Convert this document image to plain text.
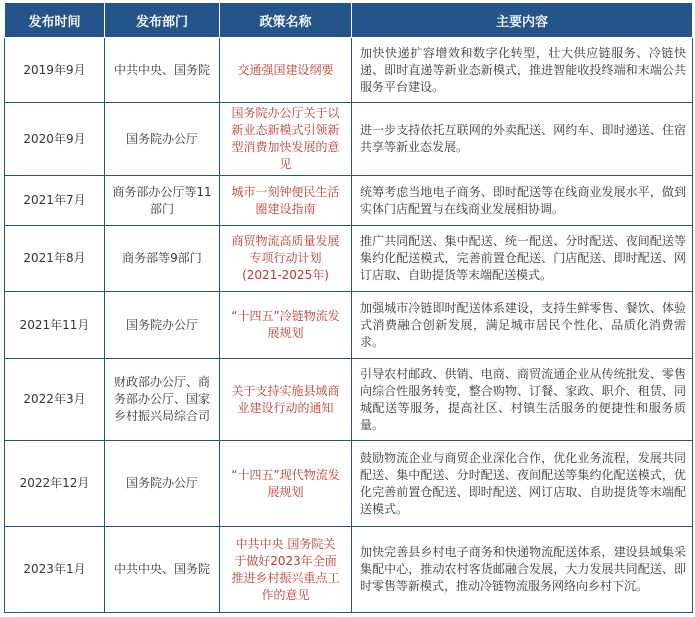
发布时间	发布部门	政策名称	主要内容
2019年9月	中共中央、国务院	交通强国建设纲要	加快快递扩容增效和数字化转型，壮大供应链服务、冷链快递、即时直递等新业态新模式，推进智能收投终端和末端公共服务平台建设。
2020年9月	国务院办公厅	国务院办公厅关于以新业态新模式引领新型消费加快发展的意见	进一步支持依托互联网的外卖配送、网约车、即时递送、住宿共享等新业态发展。
2021年7月	商务部办公厅等11部门	城市一刻钟便民生活圈建设指南	统筹考虑当地电子商务、即时配送等在线商业发展水平，做到实体门店配置与在线商业发展相协调。
2021年8月	商务部等9部门	商贸物流高质量发展专项行动计划(2021-2025年)	推广共同配送、集中配送、统一配送、分时配送、夜间配送等集约化配送模式，完善前置仓配送、门店配送、即时配送、网订店取、自助提货等末端配送模式。
2021年11月	国务院办公厅	“十四五”冷链物流发展规划	加强城市冷链即时配送体系建设，支持生鲜零售、餐饮、体验式消费融合创新发展，满足城市居民个性化、品质化消费需求。
2022年3月	财政部办公厅、商务部办公厅、国家乡村振兴局综合司	关于支持实施县域商业建设行动的通知	引导农村邮政、供销、电商、商贸流通企业从传统批发、零售向综合性服务转变，整合购物、订餐、家政、职介、租赁、同城配送等服务，提高社区、村镇生活服务的便捷性和服务质量。
2022年12月	国务院办公厅	“十四五”现代物流发展规划	鼓励物流企业与商贸企业深化合作，优化业务流程，发展共同配送、集中配送、分时配送、夜间配送等集约化配送模式，优化完善前置仓配送、即时配送、网订店取、自助提货等末端配送模式。
2023年1月	中共中央、国务院	中共中央 国务院关于做好2023年全面推进乡村振兴重点工作的意见	加快完善县乡村电子商务和快递物流配送体系，建设县域集采集配中心，推动农村客货邮融合发展，大力发展共同配送、即时零售等新模式，推动冷链物流服务网络向乡村下沉。
